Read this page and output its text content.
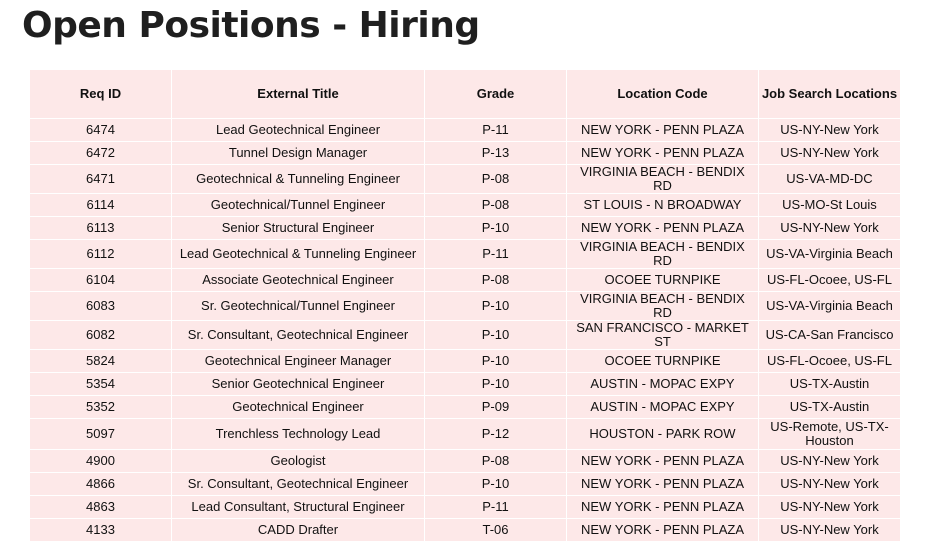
Open Positions - Hiring
Req ID	External Title	Grade	Location Code	Job Search Locations
6474	Lead Geotechnical Engineer	P-11	NEW YORK - PENN PLAZA	US-NY-New York
6472	Tunnel Design Manager	P-13	NEW YORK - PENN PLAZA	US-NY-New York
6471	Geotechnical & Tunneling Engineer	P-08	VIRGINIA BEACH - BENDIX RD	US-VA-MD-DC
6114	Geotechnical/Tunnel Engineer	P-08	ST LOUIS - N BROADWAY	US-MO-St Louis
6113	Senior Structural Engineer	P-10	NEW YORK - PENN PLAZA	US-NY-New York
6112	Lead Geotechnical & Tunneling Engineer	P-11	VIRGINIA BEACH - BENDIX RD	US-VA-Virginia Beach
6104	Associate Geotechnical Engineer	P-08	OCOEE TURNPIKE	US-FL-Ocoee, US-FL
6083	Sr. Geotechnical/Tunnel Engineer	P-10	VIRGINIA BEACH - BENDIX RD	US-VA-Virginia Beach
6082	Sr. Consultant, Geotechnical Engineer	P-10	SAN FRANCISCO - MARKET ST	US-CA-San Francisco
5824	Geotechnical Engineer Manager	P-10	OCOEE TURNPIKE	US-FL-Ocoee, US-FL
5354	Senior Geotechnical Engineer	P-10	AUSTIN - MOPAC EXPY	US-TX-Austin
5352	Geotechnical Engineer	P-09	AUSTIN - MOPAC EXPY	US-TX-Austin
5097	Trenchless Technology Lead	P-12	HOUSTON - PARK ROW	US-Remote, US-TX-Houston
4900	Geologist	P-08	NEW YORK - PENN PLAZA	US-NY-New York
4866	Sr. Consultant, Geotechnical Engineer	P-10	NEW YORK - PENN PLAZA	US-NY-New York
4863	Lead Consultant, Structural Engineer	P-11	NEW YORK - PENN PLAZA	US-NY-New York
4133	CADD Drafter	T-06	NEW YORK - PENN PLAZA	US-NY-New York
